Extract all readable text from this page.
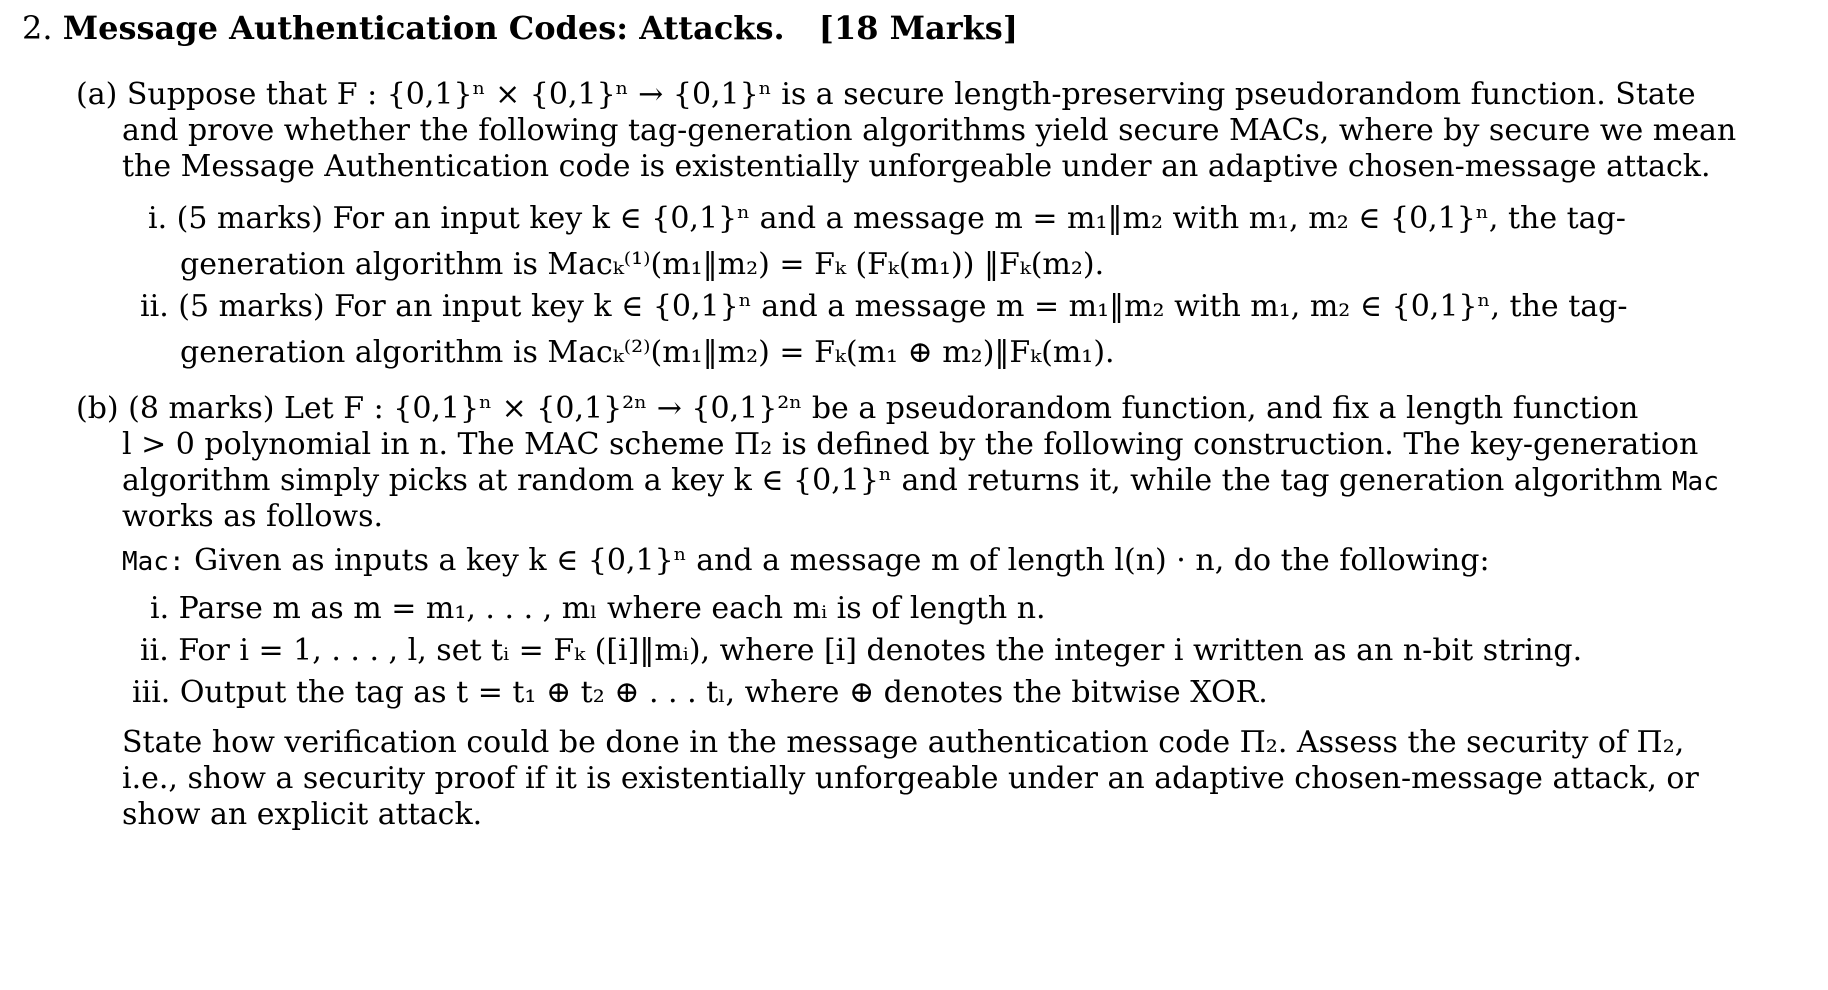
2. Message Authentication Codes: Attacks. [18 Marks]
(a) Suppose that F : {0,1}ⁿ × {0,1}ⁿ → {0,1}ⁿ is a secure length-preserving pseudorandom function. State
and prove whether the following tag-generation algorithms yield secure MACs, where by secure we mean
the Message Authentication code is existentially unforgeable under an adaptive chosen-message attack.
i. (5 marks) For an input key k ∈ {0,1}ⁿ and a message m = m₁‖m₂ with m₁, m₂ ∈ {0,1}ⁿ, the tag-
generation algorithm is Macₖ⁽¹⁾(m₁‖m₂) = Fₖ (Fₖ(m₁)) ‖Fₖ(m₂).
ii. (5 marks) For an input key k ∈ {0,1}ⁿ and a message m = m₁‖m₂ with m₁, m₂ ∈ {0,1}ⁿ, the tag-
generation algorithm is Macₖ⁽²⁾(m₁‖m₂) = Fₖ(m₁ ⊕ m₂)‖Fₖ(m₁).
(b) (8 marks) Let F : {0,1}ⁿ × {0,1}²ⁿ → {0,1}²ⁿ be a pseudorandom function, and fix a length function
l > 0 polynomial in n. The MAC scheme Π₂ is defined by the following construction. The key-generation
algorithm simply picks at random a key k ∈ {0,1}ⁿ and returns it, while the tag generation algorithm Mac
works as follows.
Mac: Given as inputs a key k ∈ {0,1}ⁿ and a message m of length l(n) · n, do the following:
i. Parse m as m = m₁, . . . , mₗ where each mᵢ is of length n.
ii. For i = 1, . . . , l, set tᵢ = Fₖ ([i]‖mᵢ), where [i] denotes the integer i written as an n-bit string.
iii. Output the tag as t = t₁ ⊕ t₂ ⊕ . . . tₗ, where ⊕ denotes the bitwise XOR.
State how verification could be done in the message authentication code Π₂. Assess the security of Π₂,
i.e., show a security proof if it is existentially unforgeable under an adaptive chosen-message attack, or
show an explicit attack.
